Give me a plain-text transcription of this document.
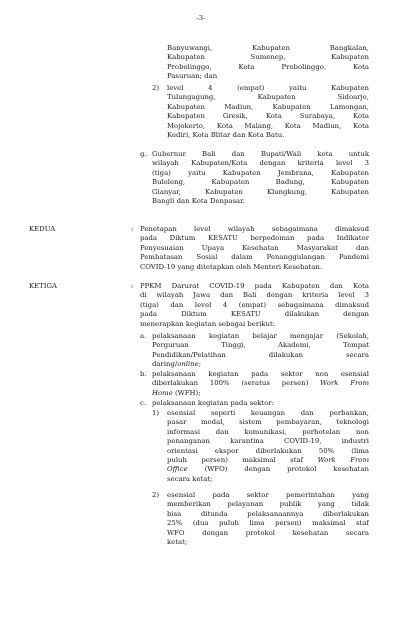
-3-
Banyuwangi, Kabupaten Bangkalan,
Kabupaten Sumenep, Kabupaten
Probolinggo, Kota Probolinggo, Kota
Pasuruan; dan
2) level 4 (empat) yaitu Kabupaten
Tulungagung, Kabupaten Sidoarjo,
Kabupaten Madiun, Kabupaten Lamongan,
Kabupaten Gresik, Kota Surabaya, Kota
Mojokerto, Kota Malang, Kota Madiun, Kota
Kediri, Kota Blitar dan Kota Batu.
g. Gubernur Bali dan Bupati/Wali kota untuk
wilayah Kabupaten/Kota dengan kriteria level 3
(tiga) yaitu Kabupaten Jembrana, Kabupaten
Buleleng, Kabupaten Badung, Kabupaten
Gianyar, Kabupaten Klungkung, Kabupaten
Bangli dan Kota Denpasar.
KEDUA	: Penetapan level wilayah sebagaimana dimaksud
pada Diktum KESATU berpedoman pada Indikator
Penyesuaian Upaya Kesehatan Masyarakat dan
Pembatasan Sosial dalam Penanggulangan Pandemi
COVID-19 yang ditetapkan oleh Menteri Kesehatan.
KETIGA	: PPKM Darurat COVID-19 pada Kabupaten dan Kota
di wilayah Jawa dan Bali dengan kriteria level 3
(tiga) dan level 4 (empat) sebagaimana dimaksud
pada Diktum KESATU dilakukan dengan
menerapkan kegiatan sebagai berikut:
a. pelaksanaan kegiatan belajar mengajar (Sekolah,
Perguruan Tinggi, Akademi, Tempat
Pendidikan/Pelatihan dilakukan secara
daring/online;
b. pelaksanaan kegiatan pada sektor non esensial
diberlakukan 100% (seratus persen) Work From
Home (WFH);
c. pelaksanaan kegiatan pada sektor:
1) esensial seperti keuangan dan perbankan,
pasar modal, sistem pembayaran, teknologi
informasi dan komunikasi, perhotelan non
penanganan karantina COVID-19, industri
orientasi ekspor diberlakukan 50% (lima
puluh persen) maksimal staf Work From
Office (WFO) dengan protokol kesehatan
secara ketat;
2) esensial pada sektor pemerintahan yang
memberikan pelayanan publik yang tidak
bisa ditunda pelaksanaannya diberlakukan
25% (dua puluh lima persen) maksimal staf
WFO dengan protokol kesehatan secara
ketat;
